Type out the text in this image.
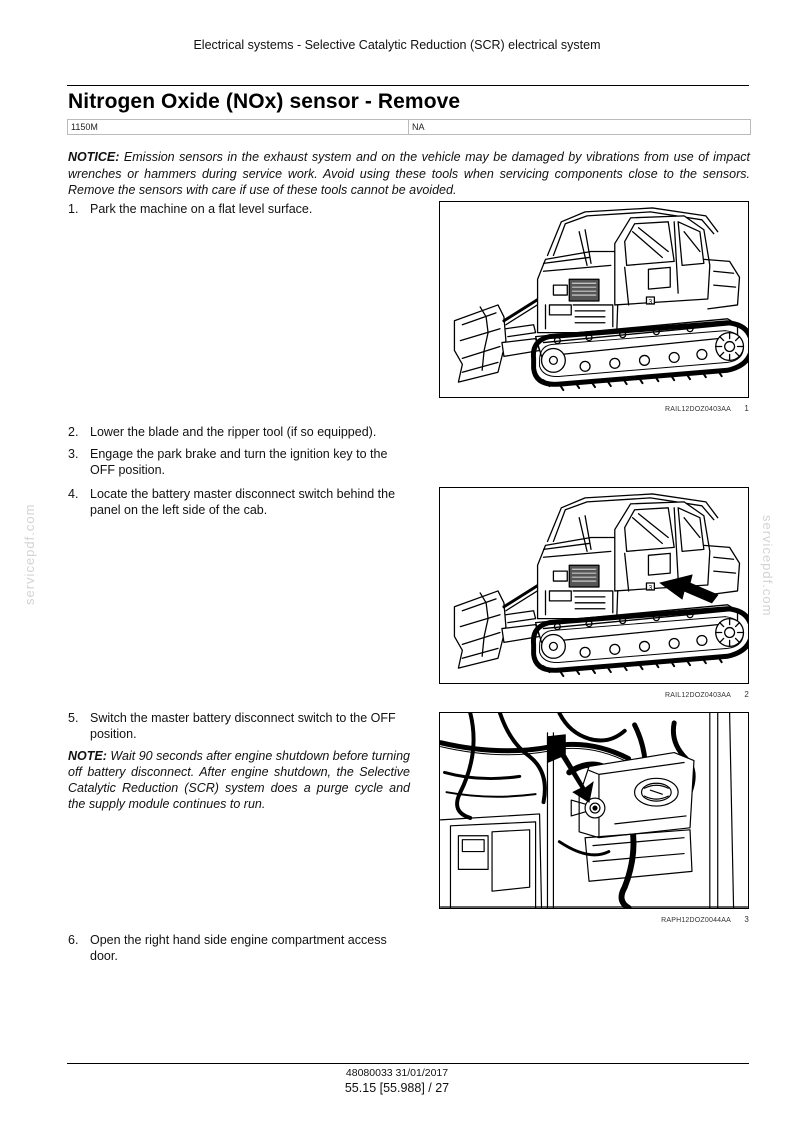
Electrical systems - Selective Catalytic Reduction (SCR) electrical system
Nitrogen Oxide (NOx) sensor - Remove
1150M	NA

NOTICE: Emission sensors in the exhaust system and on the vehicle may be damaged by vibrations from use of impact wrenches or hammers during service work. Avoid using these tools when servicing components close to the sensors. Remove the sensors with care if use of these tools cannot be avoided.

1. Park the machine on a flat level surface.
RAIL12DOZ0403AA 1
2. Lower the blade and the ripper tool (if so equipped).
3. Engage the park brake and turn the ignition key to the OFF position.
4. Locate the battery master disconnect switch behind the panel on the left side of the cab.
RAIL12DOZ0403AA 2
5. Switch the master battery disconnect switch to the OFF position.

NOTE: Wait 90 seconds after engine shutdown before turning off battery disconnect. After engine shutdown, the Selective Catalytic Reduction (SCR) system does a purge cycle and the supply module continues to run.

RAPH12DOZ0044AA 3
6. Open the right hand side engine compartment access door.
servicepdf.com	servicepdf.com
48080033 31/01/2017
55.15 [55.988] / 27
